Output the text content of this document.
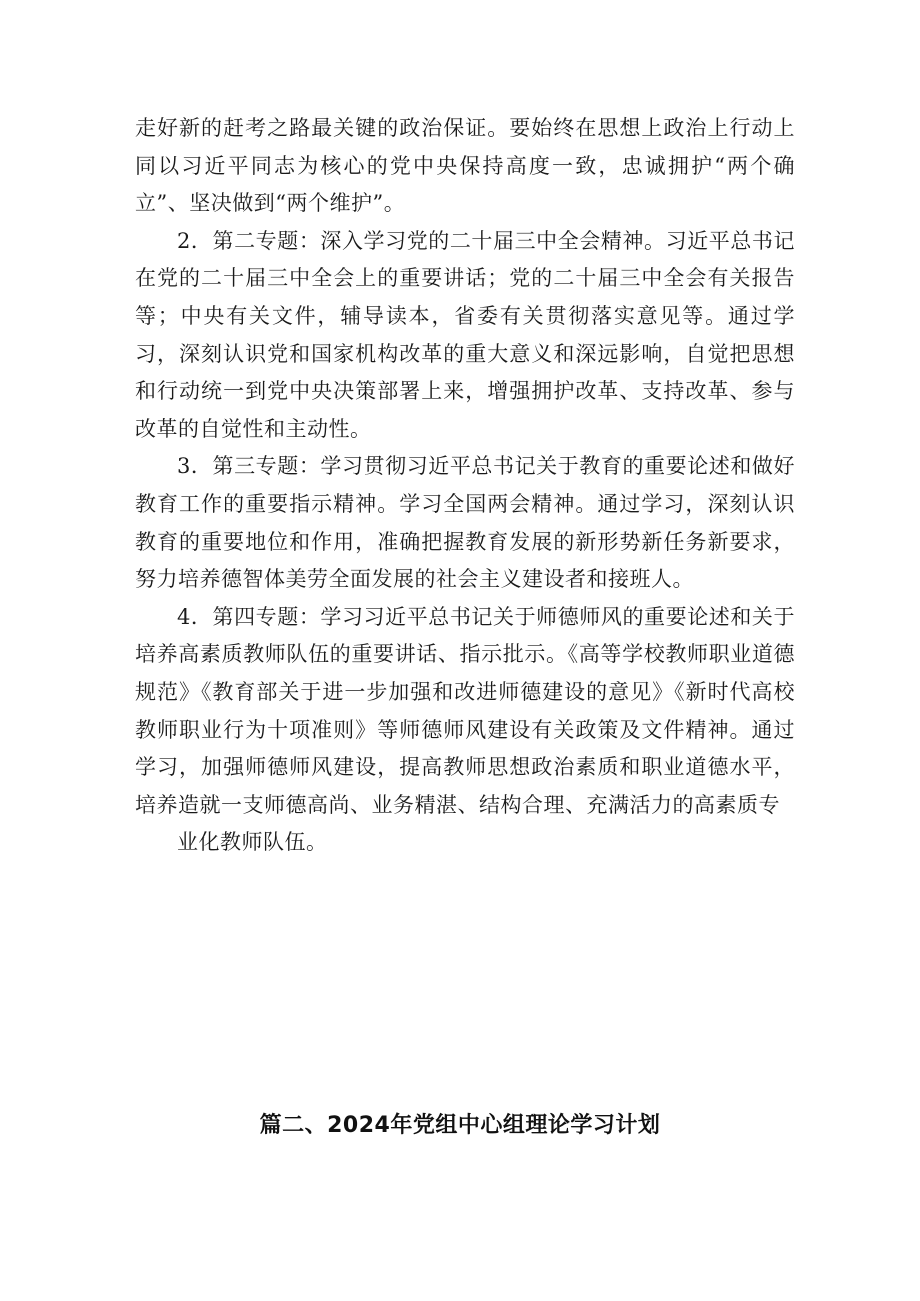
走好新的赶考之路最关键的政治保证。要始终在思想上政治上行动上同以习近平同志为核心的党中央保持高度一致，忠诚拥护“两个确立”、坚决做到“两个维护”。

2．第二专题：深入学习党的二十届三中全会精神。习近平总书记在党的二十届三中全会上的重要讲话；党的二十届三中全会有关报告等；中央有关文件，辅导读本，省委有关贯彻落实意见等。通过学习，深刻认识党和国家机构改革的重大意义和深远影响，自觉把思想和行动统一到党中央决策部署上来，增强拥护改革、支持改革、参与改革的自觉性和主动性。

3．第三专题：学习贯彻习近平总书记关于教育的重要论述和做好教育工作的重要指示精神。学习全国两会精神。通过学习，深刻认识教育的重要地位和作用，准确把握教育发展的新形势新任务新要求，努力培养德智体美劳全面发展的社会主义建设者和接班人。

4．第四专题：学习习近平总书记关于师德师风的重要论述和关于培养高素质教师队伍的重要讲话、指示批示。《高等学校教师职业道德规范》《教育部关于进一步加强和改进师德建设的意见》《新时代高校教师职业行为十项准则》等师德师风建设有关政策及文件精神。通过学习，加强师德师风建设，提高教师思想政治素质和职业道德水平，培养造就一支师德高尚、业务精湛、结构合理、充满活力的高素质专
业化教师队伍。

篇二、2024年党组中心组理论学习计划
